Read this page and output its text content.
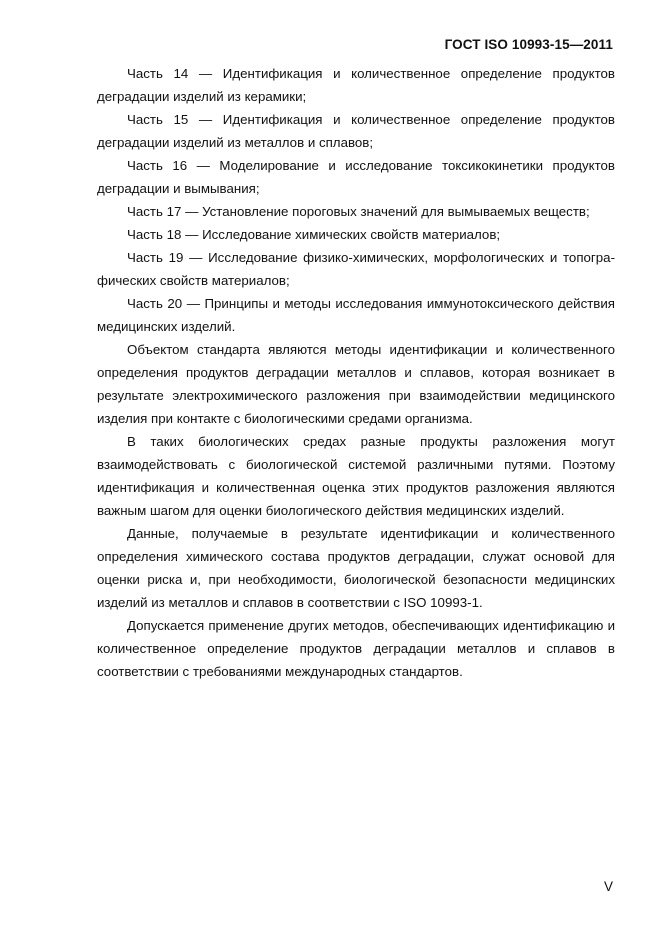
ГОСТ ISO 10993-15—2011

Часть 14 — Идентификация и количественное определение продуктов деградации изделий из керамики;

Часть 15 — Идентификация и количественное определение продуктов деградации изделий из металлов и сплавов;

Часть 16 — Моделирование и исследование токсикокинетики продуктов деградации и вымывания;

Часть 17 — Установление пороговых значений для вымываемых веществ;

Часть 18 — Исследование химических свойств материалов;

Часть 19 — Исследование физико-химических, морфологических и топогра-фических свойств материалов;

Часть 20 — Принципы и методы исследования иммунотоксического действия медицинских изделий.

Объектом стандарта являются методы идентификации и количественного определения продуктов деградации металлов и сплавов, которая возникает в результате электрохимического разложения при взаимодействии медицинского изделия при контакте с биологическими средами организма.

В таких биологических средах разные продукты разложения могут взаимодействовать с биологической системой различными путями. Поэтому идентификация и количественная оценка этих продуктов разложения являются важным шагом для оценки биологического действия медицинских изделий.

Данные, получаемые в результате идентификации и количественного определения химического состава продуктов деградации, служат основой для оценки риска и, при необходимости, биологической безопасности медицинских изделий из металлов и сплавов в соответствии с ISO 10993-1.

Допускается применение других методов, обеспечивающих идентификацию и количественное определение продуктов деградации металлов и сплавов в соответствии с требованиями международных стандартов.

V
